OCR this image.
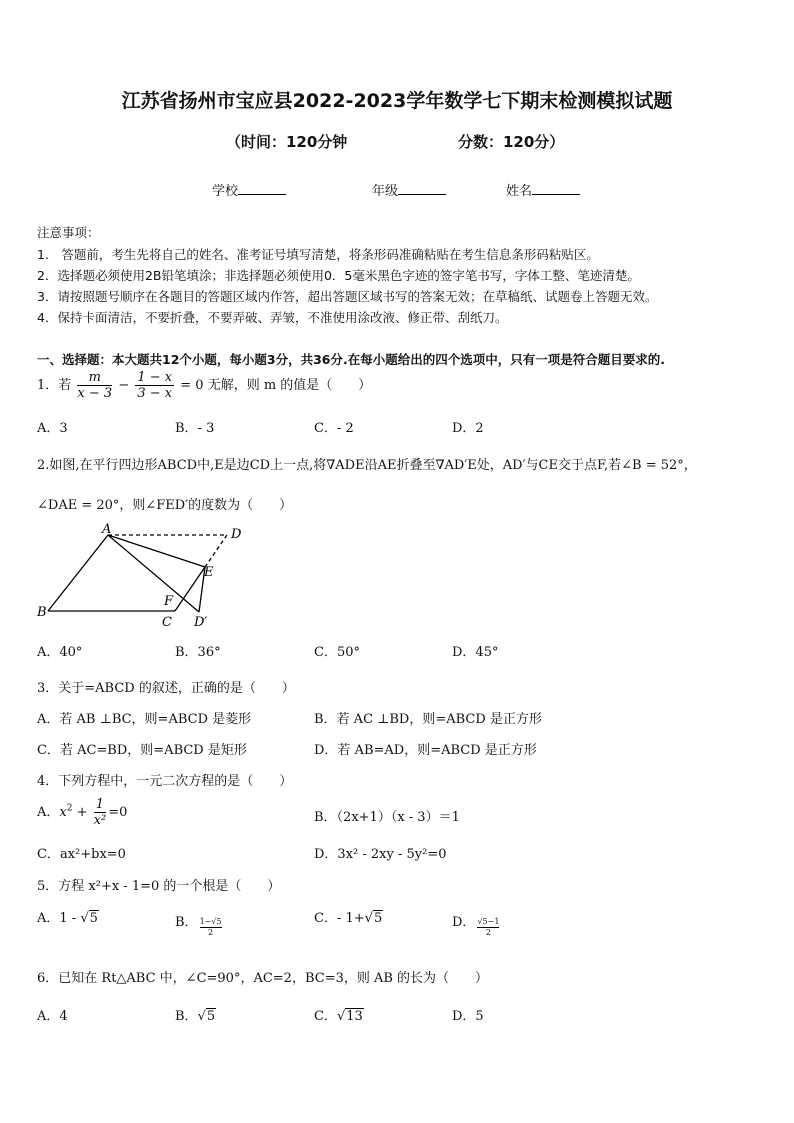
江苏省扬州市宝应县2022-2023学年数学七下期末检测模拟试题
（时间：120分钟	分数：120分）
学校	年级	姓名
注意事项：
1.　答题前，考生先将自己的姓名、准考证号填写清楚，将条形码准确粘贴在考生信息条形码粘贴区。
2．选择题必须使用2B铅笔填涂；非选择题必须使用0．5毫米黑色字迹的签字笔书写，字体工整、笔迹清楚。
3．请按照题号顺序在各题目的答题区域内作答，超出答题区域书写的答案无效；在草稿纸、试题卷上答题无效。
4．保持卡面清洁，不要折叠，不要弄破、弄皱，不准使用涂改液、修正带、刮纸刀。
一、选择题：本大题共12个小题，每小题3分，共36分.在每小题给出的四个选项中，只有一项是符合题目要求的.
1．若 $\frac{m}{x - 3} - \frac{1 - x}{3 - x} = 0$ 无解，则 m 的值是（　　）
A．3	B．- 3	C．- 2	D．2
2.如图,在平行四边形ABCD中,E是边CD上一点,将∇ADE沿AE折叠至∇AD′E处，AD′与CE交于点F,若∠B = 52°，
∠DAE = 20°，则∠FED′的度数为（　　）
A	D
E
B
F
C D′
A．40°	B．36°	C．50°	D．45°
3．关于=ABCD 的叙述，正确的是（　　）
A．若 AB ⊥BC，则=ABCD 是菱形	B．若 AC ⊥BD，则=ABCD 是正方形
C．若 AC=BD，则=ABCD 是矩形	D．若 AB=AD，则=ABCD 是正方形
4．下列方程中，一元二次方程的是（　　）
A．$x^2 + \frac{1}{\text{x²}} =0$	B．（2x+1）（x - 3）＝1
C．ax²+bx=0	D．3x² - 2xy - 5y²=0
5．方程 x²+x - 1=0 的一个根是（　　）
A．1 - √5	B． $\frac{1-√5}{2}$	C．- 1+√5	D． $\frac{√5-1}{2}$
6．已知在 Rt△ABC 中，∠C=90°，AC=2，BC=3，则 AB 的长为（　　）
A．4	B．√5	C．√13	D．5
